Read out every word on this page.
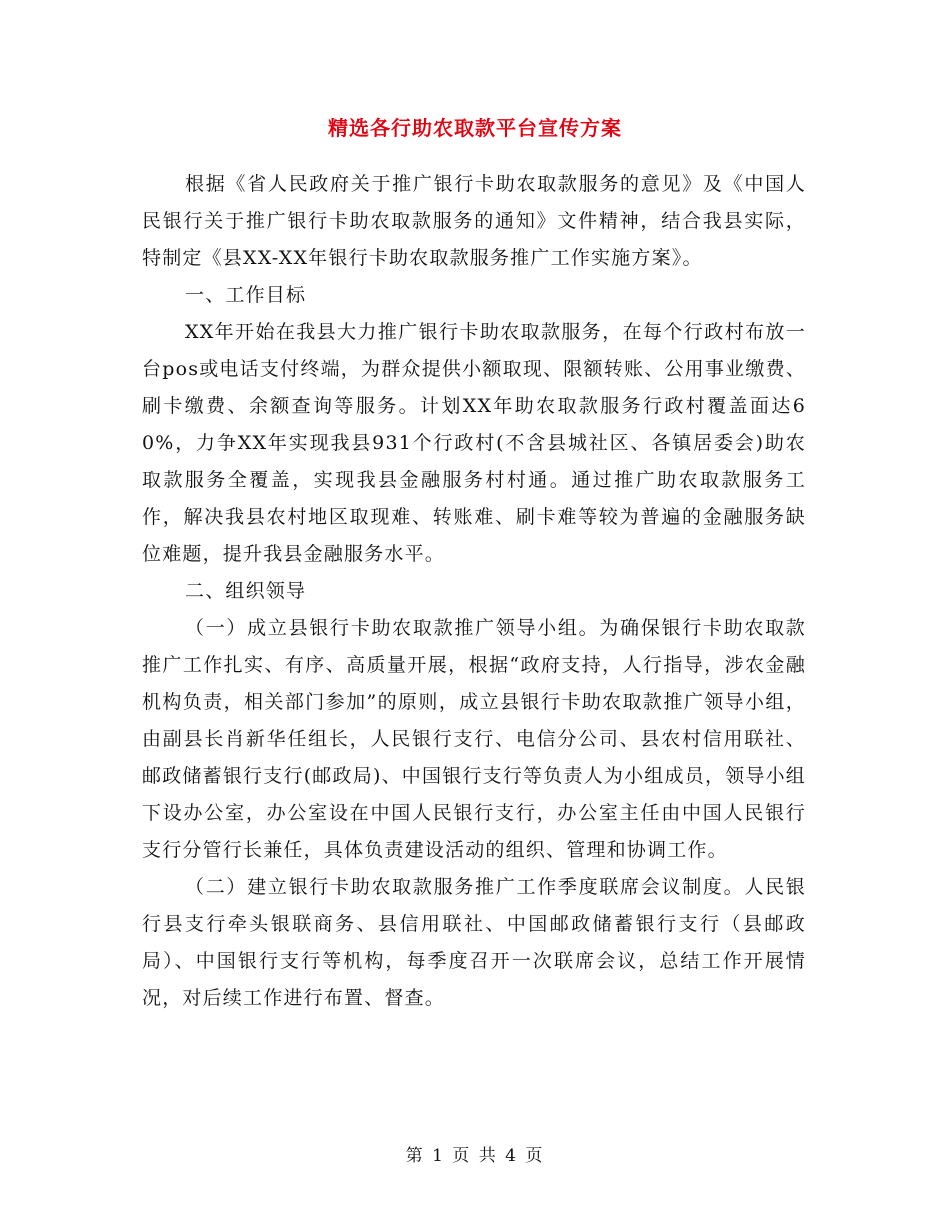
精选各行助农取款平台宣传方案

根据《省人民政府关于推广银行卡助农取款服务的意见》及《中国人民银行关于推广银行卡助农取款服务的通知》文件精神，结合我县实际，特制定《县XX-XX年银行卡助农取款服务推广工作实施方案》。

一、工作目标

XX年开始在我县大力推广银行卡助农取款服务，在每个行政村布放一台pos或电话支付终端，为群众提供小额取现、限额转账、公用事业缴费、刷卡缴费、余额查询等服务。计划XX年助农取款服务行政村覆盖面达60%，力争XX年实现我县931个行政村(不含县城社区、各镇居委会)助农取款服务全覆盖，实现我县金融服务村村通。通过推广助农取款服务工作，解决我县农村地区取现难、转账难、刷卡难等较为普遍的金融服务缺位难题，提升我县金融服务水平。

二、组织领导

（一）成立县银行卡助农取款推广领导小组。为确保银行卡助农取款推广工作扎实、有序、高质量开展，根据“政府支持，人行指导，涉农金融机构负责，相关部门参加”的原则，成立县银行卡助农取款推广领导小组，由副县长肖新华任组长，人民银行支行、电信分公司、县农村信用联社、邮政储蓄银行支行(邮政局)、中国银行支行等负责人为小组成员，领导小组下设办公室，办公室设在中国人民银行支行，办公室主任由中国人民银行支行分管行长兼任，具体负责建设活动的组织、管理和协调工作。

（二）建立银行卡助农取款服务推广工作季度联席会议制度。人民银行县支行牵头银联商务、县信用联社、中国邮政储蓄银行支行（县邮政局）、中国银行支行等机构，每季度召开一次联席会议，总结工作开展情况，对后续工作进行布置、督查。

第 1 页 共 4 页
